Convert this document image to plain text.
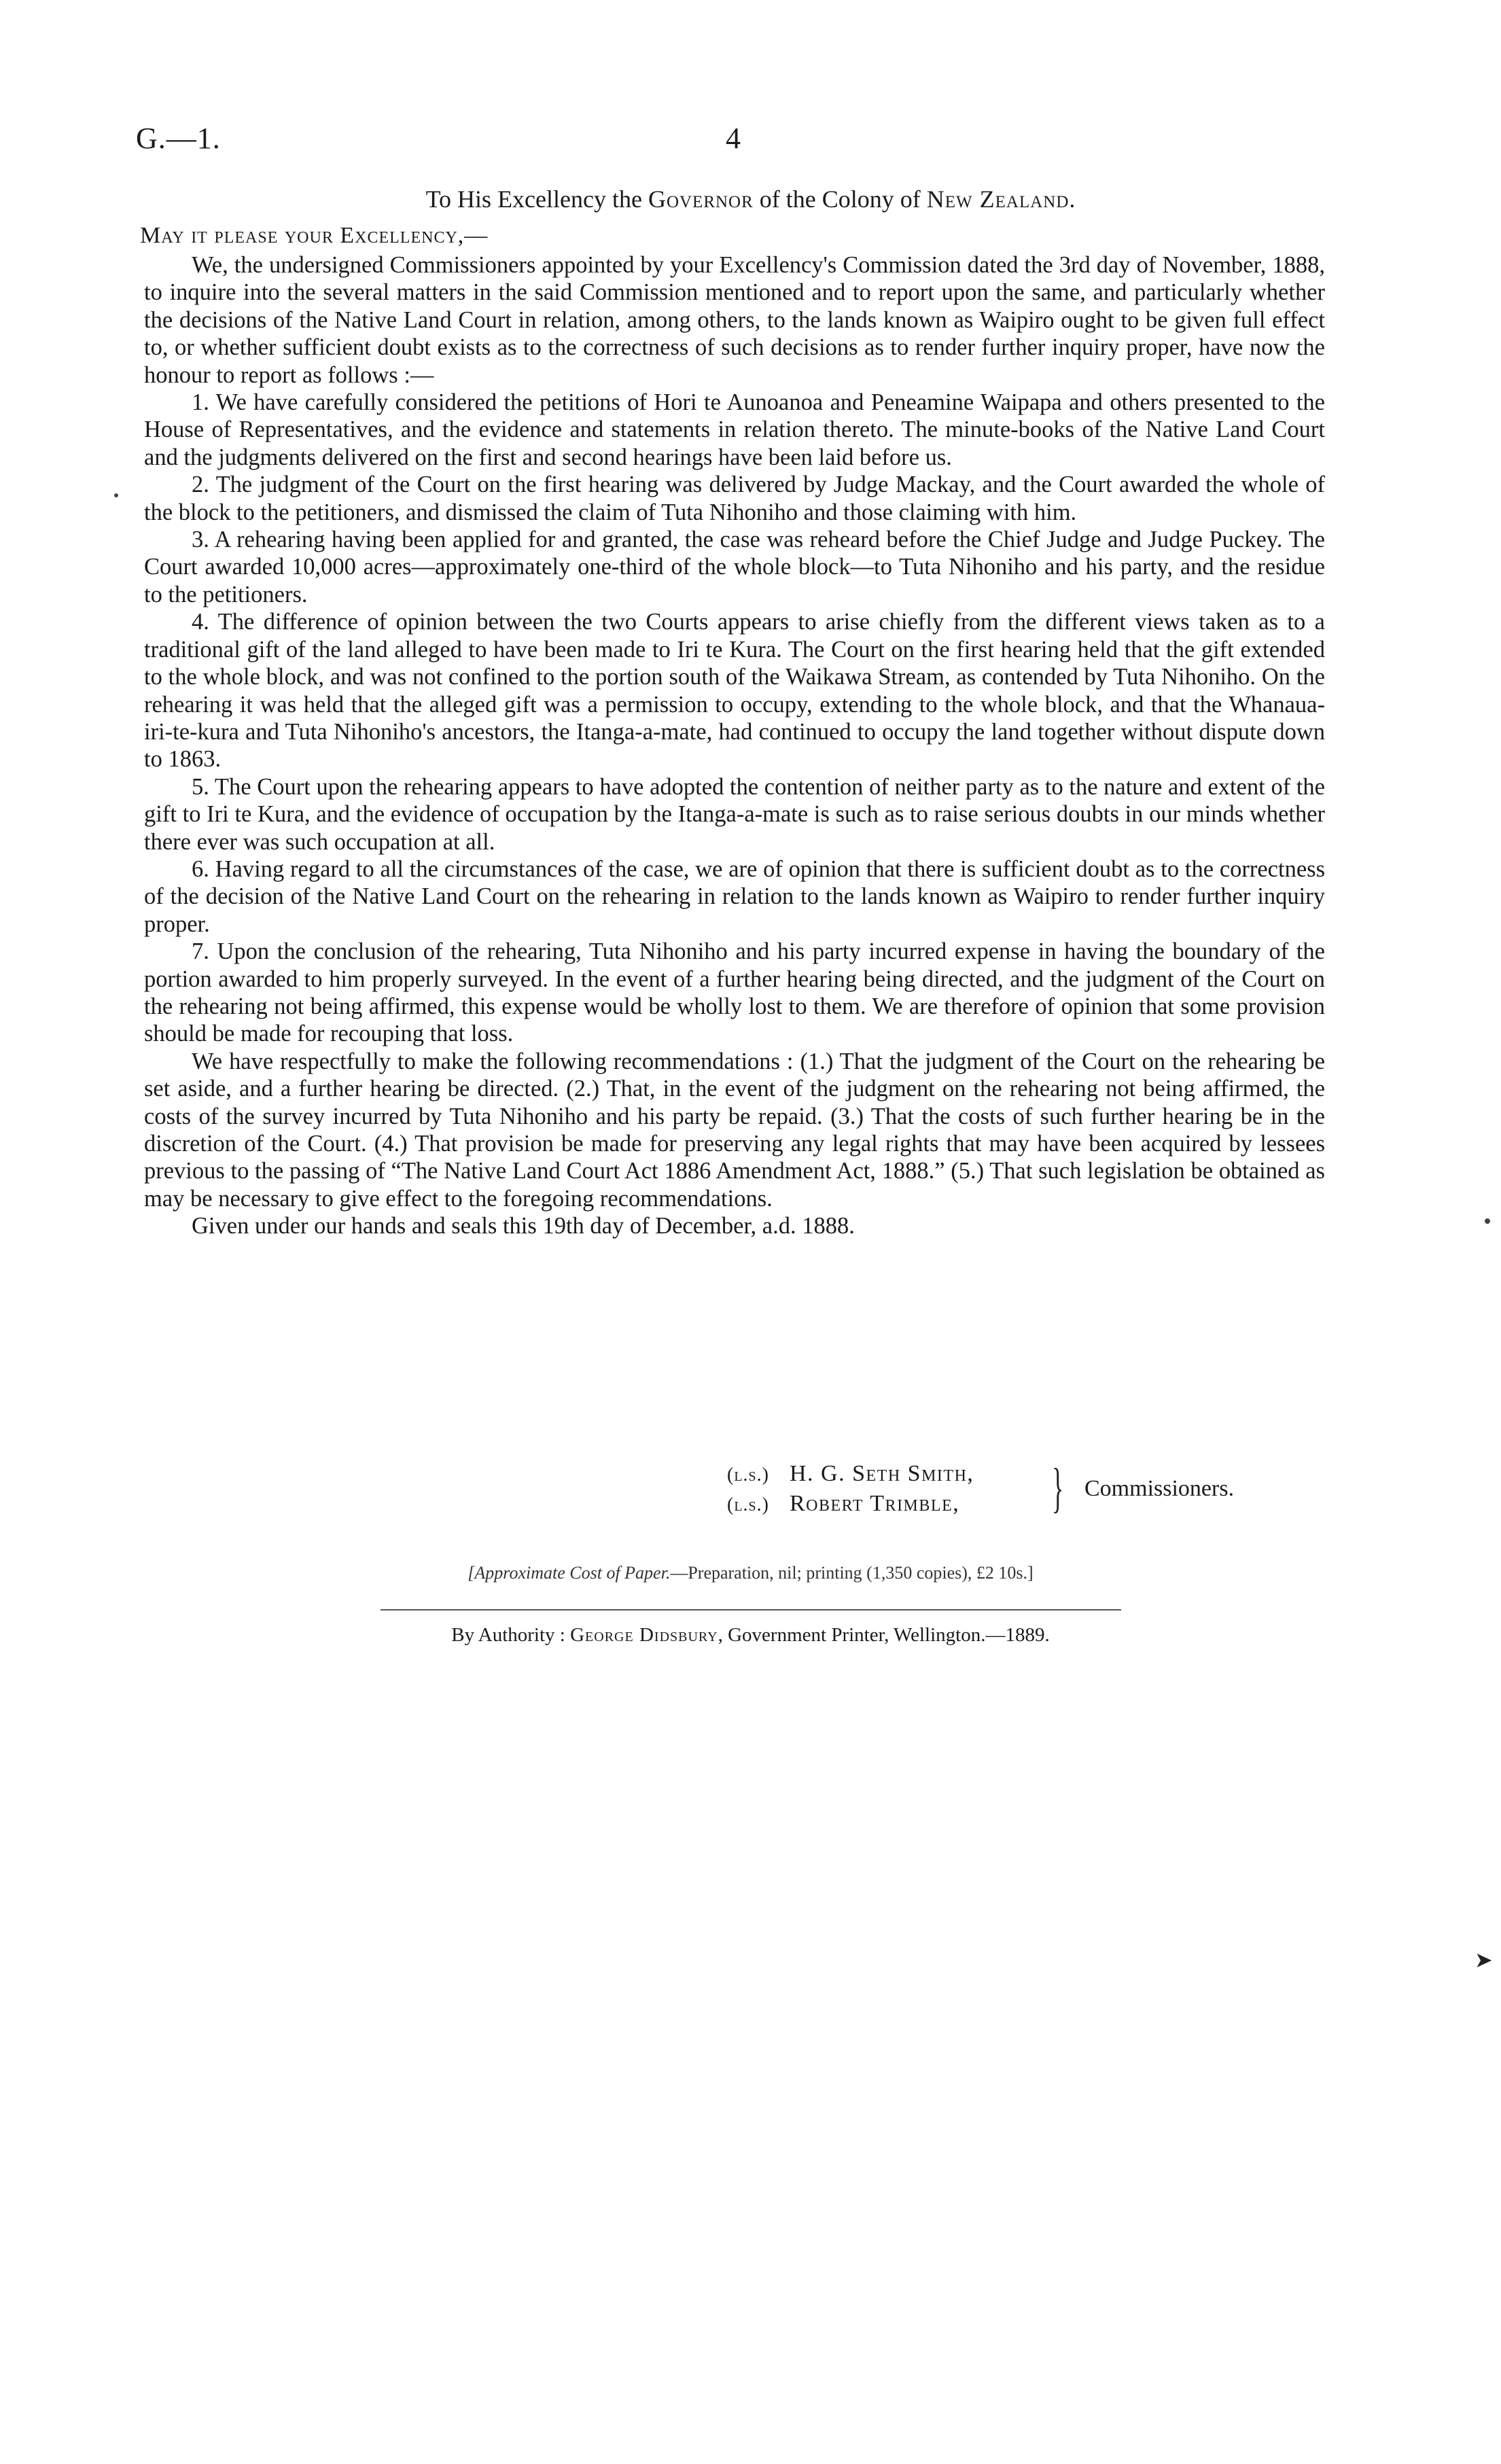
G.—1.	4
To His Excellency the Governor of the Colony of New Zealand.
May it please your Excellency,—

We, the undersigned Commissioners appointed by your Excellency's Commission dated the 3rd day of November, 1888, to inquire into the several matters in the said Commission mentioned and to report upon the same, and particularly whether the decisions of the Native Land Court in relation, among others, to the lands known as Waipiro ought to be given full effect to, or whether sufficient doubt exists as to the correctness of such decisions as to render further inquiry proper, have now the honour to report as follows :—

1. We have carefully considered the petitions of Hori te Aunoanoa and Peneamine Waipapa and others presented to the House of Representatives, and the evidence and statements in relation thereto. The minute-books of the Native Land Court and the judgments delivered on the first and second hearings have been laid before us.

2. The judgment of the Court on the first hearing was delivered by Judge Mackay, and the Court awarded the whole of the block to the petitioners, and dismissed the claim of Tuta Nihoniho and those claiming with him.

3. A rehearing having been applied for and granted, the case was reheard before the Chief Judge and Judge Puckey. The Court awarded 10,000 acres—approximately one-third of the whole block—to Tuta Nihoniho and his party, and the residue to the petitioners.

4. The difference of opinion between the two Courts appears to arise chiefly from the different views taken as to a traditional gift of the land alleged to have been made to Iri te Kura. The Court on the first hearing held that the gift extended to the whole block, and was not confined to the portion south of the Waikawa Stream, as contended by Tuta Nihoniho. On the rehearing it was held that the alleged gift was a permission to occupy, extending to the whole block, and that the Whanaua-iri-te-kura and Tuta Nihoniho's ancestors, the Itanga-a-mate, had continued to occupy the land together without dispute down to 1863.

5. The Court upon the rehearing appears to have adopted the contention of neither party as to the nature and extent of the gift to Iri te Kura, and the evidence of occupation by the Itanga-a-mate is such as to raise serious doubts in our minds whether there ever was such occupation at all.

6. Having regard to all the circumstances of the case, we are of opinion that there is sufficient doubt as to the correctness of the decision of the Native Land Court on the rehearing in relation to the lands known as Waipiro to render further inquiry proper.

7. Upon the conclusion of the rehearing, Tuta Nihoniho and his party incurred expense in having the boundary of the portion awarded to him properly surveyed. In the event of a further hearing being directed, and the judgment of the Court on the rehearing not being affirmed, this expense would be wholly lost to them. We are therefore of opinion that some provision should be made for recouping that loss.

We have respectfully to make the following recommendations : (1.) That the judgment of the Court on the rehearing be set aside, and a further hearing be directed. (2.) That, in the event of the judgment on the rehearing not being affirmed, the costs of the survey incurred by Tuta Nihoniho and his party be repaid. (3.) That the costs of such further hearing be in the discretion of the Court. (4.) That provision be made for preserving any legal rights that may have been acquired by lessees previous to the passing of “The Native Land Court Act 1886 Amendment Act, 1888.” (5.) That such legislation be obtained as may be necessary to give effect to the foregoing recommendations.

Given under our hands and seals this 19th day of December, a.d. 1888.

(l.s.) H. G. Seth Smith,
(l.s.) Robert Trimble, } Commissioners.
[Approximate Cost of Paper.—Preparation, nil; printing (1,350 copies), £2 10s.]
By Authority : George Didsbury, Government Printer, Wellington.—1889.
➤
